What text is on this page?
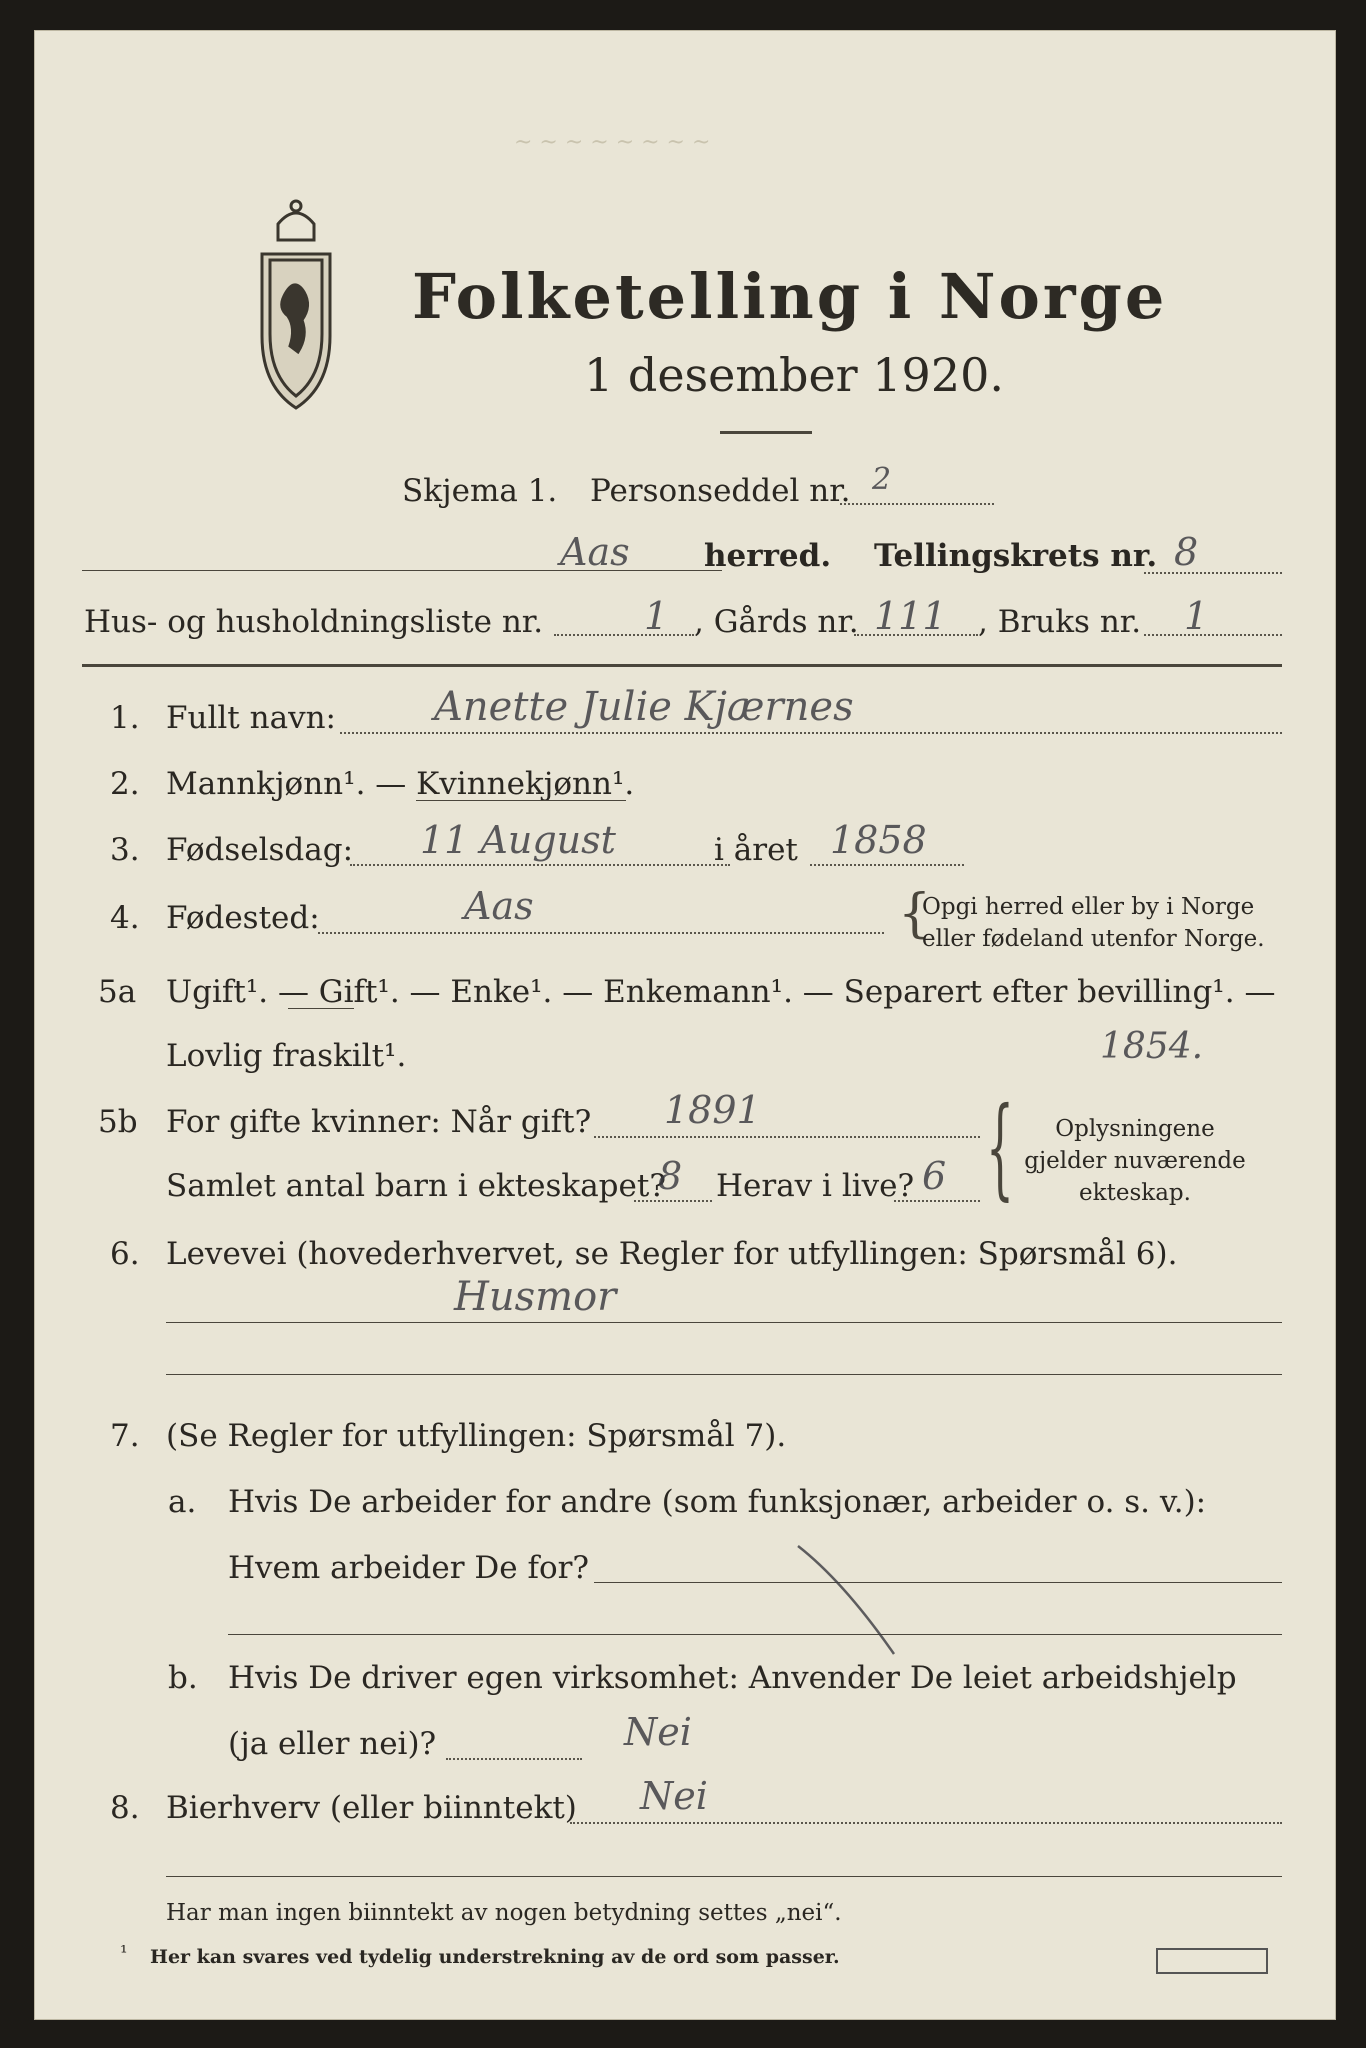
Folketelling i Norge
1 desember 1920.
~ ~ ~ ~ ~ ~ ~ ~
Skjema 1. Personseddel nr. 2
Aas herred. Tellingskrets nr. 8
Hus- og husholdningsliste nr.	1 , Gårds nr. 111 , Bruks nr. 1
1. Fullt navn: Anette Julie Kjærnes
2. Mannkjønn¹. — Kvinnekjønn¹.
3. Fødselsdag: 11 August	i året 1858
4. Fødested:	Aas	{
Opgi herred eller by i Norge
eller fødeland utenfor Norge.
5a Ugift¹. — Gift¹. — Enke¹. — Enkemann¹. — Separert efter bevilling¹. —
Lovlig fraskilt¹.	1854.
5b For gifte kvinner: Når gift? 1891
Samlet antal barn i ekteskapet?
8 Herav i live? 6 {	Oplysningene
gjelder nuværende
ekteskap.
6. Levevei (hovederhvervet, se Regler for utfyllingen: Spørsmål 6).
Husmor
7. (Se Regler for utfyllingen: Spørsmål 7).
a. Hvis De arbeider for andre (som funksjonær, arbeider o. s. v.):
Hvem arbeider De for?
b. Hvis De driver egen virksomhet: Anvender De leiet arbeidshjelp
(ja eller nei)?	Nei
8. Bierhverv (eller biinntekt) Nei
Har man ingen biinntekt av nogen betydning settes „nei“.
¹ Her kan svares ved tydelig understrekning av de ord som passer.
